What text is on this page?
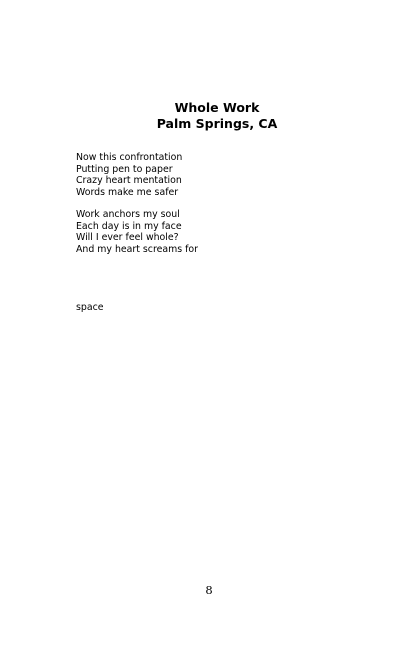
Whole Work
Palm Springs, CA
Now this confrontation
Putting pen to paper
Crazy heart mentation
Words make me safer
Work anchors my soul
Each day is in my face
Will I ever feel whole?
And my heart screams for
space
8
